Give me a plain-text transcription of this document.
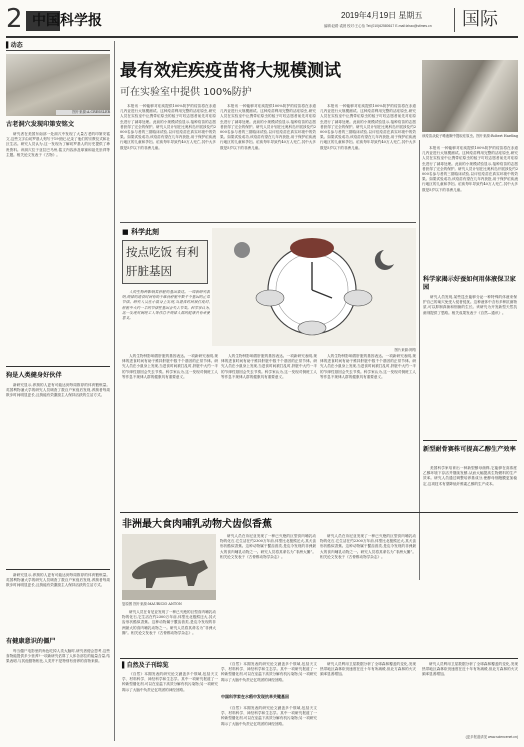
2 中国科学报	2019年4月19日 星期五
编辑:赵路 裘晨 校对:王心怡 Tel:(010)62580617 E-mail:lzhao@stimes.cn 国际
▌动态
图片来源:A.CRESSLER
古老洞穴发现印第安铭文

研究者在美国东南部一处洞穴中发现了大量古老的印第安铭文,这些文字由切罗基人刻写于19世纪,记录了他们的宗教仪式和社区生活。研究人员认为,这一发现为了解切罗基人的历史提供了珍贵资料。该洞穴位于亚拉巴马州,铭文内容涉及球赛和祖先崇拜等主题。相关论文发表于《古物》。

狗是人类健身好伙伴

新研究显示,养狗的人更有可能达到每周推荐的体育锻炼量。英国利物浦大学的研究人员调查了数百户家庭后发现,养狗者每周散步时间明显更长,且狗能有效激励主人保持活跃的生活方式。

新研究显示,养狗的人更有可能达到每周推荐的体育锻炼量。英国利物浦大学的研究人员调查了数百户家庭后发现,养狗者每周散步时间明显更长,且狗能有效激励主人保持活跃的生活方式。

有健康意识的僵尸

每当僵尸电影里的角色吃掉人类大脑时,研究者便会思考,这些食物能提供多少营养?一项新研究估算了人体各部位的能量含量,结果表明,与其他猎物相比,人类并不是特别有营养的食物来源。

最有效疟疾疫苗将大规模测试
可在实验室中提供 100%防护

本报讯 一种能够对疟疾提供100%防护的疫苗将在赤道几内亚进行大规模测试。这种疫苗利用完整的活疟原虫,研究人员在实验室中让携带疟原虫的蚊子叮咬志愿者前先对疟原虫进行了减毒处理。此前的小规模试验显示,接种疫苗的志愿者获得了完全的保护。研究人员计划在比奥科岛开展涉及约2000名参与者的三期临床试验,以评估疫苗在真实环境中的效果。如果试验成功,该疫苗有望在几年内获批,用于保护疟疾流行地区的儿童和孕妇。疟疾每年导致约40万人死亡,其中大多数是5岁以下的非洲儿童。

本报讯 一种能够对疟疾提供100%防护的疫苗将在赤道几内亚进行大规模测试。这种疫苗利用完整的活疟原虫,研究人员在实验室中让携带疟原虫的蚊子叮咬志愿者前先对疟原虫进行了减毒处理。此前的小规模试验显示,接种疫苗的志愿者获得了完全的保护。研究人员计划在比奥科岛开展涉及约2000名参与者的三期临床试验,以评估疫苗在真实环境中的效果。如果试验成功,该疫苗有望在几年内获批,用于保护疟疾流行地区的儿童和孕妇。疟疾每年导致约40万人死亡,其中大多数是5岁以下的非洲儿童。

本报讯 一种能够对疟疾提供100%防护的疫苗将在赤道几内亚进行大规模测试。这种疫苗利用完整的活疟原虫,研究人员在实验室中让携带疟原虫的蚊子叮咬志愿者前先对疟原虫进行了减毒处理。此前的小规模试验显示,接种疫苗的志愿者获得了完全的保护。研究人员计划在比奥科岛开展涉及约2000名参与者的三期临床试验,以评估疫苗在真实环境中的效果。如果试验成功,该疫苗有望在几年内获批,用于保护疟疾流行地区的儿童和孕妇。疟疾每年导致约40万人死亡,其中大多数是5岁以下的非洲儿童。

该疫苗从蚊子唾液腺中提取疟原虫。图片来源:Robert Harding

本报讯 一种能够对疟疾提供100%防护的疫苗将在赤道几内亚进行大规模测试。这种疫苗利用完整的活疟原虫,研究人员在实验室中让携带疟原虫的蚊子叮咬志愿者前先对疟原虫进行了减毒处理。此前的小规模试验显示,接种疫苗的志愿者获得了完全的保护。研究人员计划在比奥科岛开展涉及约2000名参与者的三期临床试验,以评估疫苗在真实环境中的效果。如果试验成功,该疫苗有望在几年内获批,用于保护疟疾流行地区的儿童和孕妇。疟疾每年导致约40万人死亡,其中大多数是5岁以下的非洲儿童。

■ 科学此刻
按点吃饭 有利肝脏基因
图片来源:网络

人的生物钟影响着肝脏的基因表达。一项新研究表明,规律的进食时间有助于维持肝脏中数千个基因的正常节律。研究人员在小鼠身上发现,当进食时间被打乱时,肝脏中大约一半的节律性基因会失去节奏。科学家认为,这一发现对倒班工人等作息不规律人群的健康具有重要意义。

人的生物钟影响着肝脏的基因表达。一项新研究表明,规律的进食时间有助于维持肝脏中数千个基因的正常节律。研究人员在小鼠身上发现,当进食时间被打乱时,肝脏中大约一半的节律性基因会失去节奏。科学家认为,这一发现对倒班工人等作息不规律人群的健康具有重要意义。

人的生物钟影响着肝脏的基因表达。一项新研究表明,规律的进食时间有助于维持肝脏中数千个基因的正常节律。研究人员在小鼠身上发现,当进食时间被打乱时,肝脏中大约一半的节律性基因会失去节奏。科学家认为,这一发现对倒班工人等作息不规律人群的健康具有重要意义。

人的生物钟影响着肝脏的基因表达。一项新研究表明,规律的进食时间有助于维持肝脏中数千个基因的正常节律。研究人员在小鼠身上发现,当进食时间被打乱时,肝脏中大约一半的节律性基因会失去节奏。科学家认为,这一发现对倒班工人等作息不规律人群的健康具有重要意义。

科学家揭示好蚕如何用体液保卫家园

研究人员发现,某些昆虫能够分泌一种特殊的体液来保护自己的巢穴免受入侵者侵扰。这种液体中含有多种抗菌物质,可以抑制真菌和细菌的生长。该研究为开发新型天然抗菌剂提供了思路。相关成果发表于《自然—通讯》。

新型耐骨赛株可提高乙醇生产效率

美国科学家培育出一种新型酵母菌株,它能够在高浓度乙醇环境下存活并继续发酵,从而大幅提高生物燃料的生产效率。研究人员通过调整培养基成分,使酵母细胞膜更加稳定,这项技术有望降低纤维素乙醇的生产成本。

非洲最大食肉哺乳动物犬齿似香蕉
复原图 图片来源:MAURICIO ANTON

研究人员在肯尼亚发现了一种已灭绝的巨型食肉哺乳动物的化石,它生活在约2300万年前,体型比北极熊还大,其犬齿形状酷似香蕉。这种动物属于鬣齿兽类,是迄今发现的非洲最大的食肉哺乳动物之一。研究人员将其命名为“非洲大狮”。相关论文发表于《古脊椎动物学杂志》。

研究人员在肯尼亚发现了一种已灭绝的巨型食肉哺乳动物的化石,它生活在约2300万年前,体型比北极熊还大,其犬齿形状酷似香蕉。这种动物属于鬣齿兽类,是迄今发现的非洲最大的食肉哺乳动物之一。研究人员将其命名为“非洲大狮”。相关论文发表于《古脊椎动物学杂志》。

研究人员在肯尼亚发现了一种已灭绝的巨型食肉哺乳动物的化石,它生活在约2300万年前,体型比北极熊还大,其犬齿形状酷似香蕉。这种动物属于鬣齿兽类,是迄今发现的非洲最大的食肉哺乳动物之一。研究人员将其命名为“非洲大狮”。相关论文发表于《古脊椎动物学杂志》。

▌自然及子刊综览

《自然》本期发表的研究论文涵盖多个领域,包括天文学、材料科学、神经科学和生态学。其中一项研究报道了一种新型催化剂,可以在室温下高效分解有机污染物;另一项研究揭示了大脑中负责记忆巩固的神经回路。

《自然》本期发表的研究论文涵盖多个领域,包括天文学、材料科学、神经科学和生态学。其中一项研究报道了一种新型催化剂,可以在室温下高效分解有机污染物;另一项研究揭示了大脑中负责记忆巩固的神经回路。

中国科学家在水稻中发现抗旱关键基因

《自然》本期发表的研究论文涵盖多个领域,包括天文学、材料科学、神经科学和生态学。其中一项研究报道了一种新型催化剂,可以在室温下高效分解有机污染物;另一项研究揭示了大脑中负责记忆巩固的神经回路。

研究人员利用卫星数据分析了全球森林覆盖的变化,发现热带地区森林砍伐速度在近十年有所减缓,但北方森林的火灾频率显著增加。

研究人员利用卫星数据分析了全球森林覆盖的变化,发现热带地区森林砍伐速度在近十年有所减缓,但北方森林的火灾频率显著增加。

(更多报道请见 www.sciencenet.cn)
